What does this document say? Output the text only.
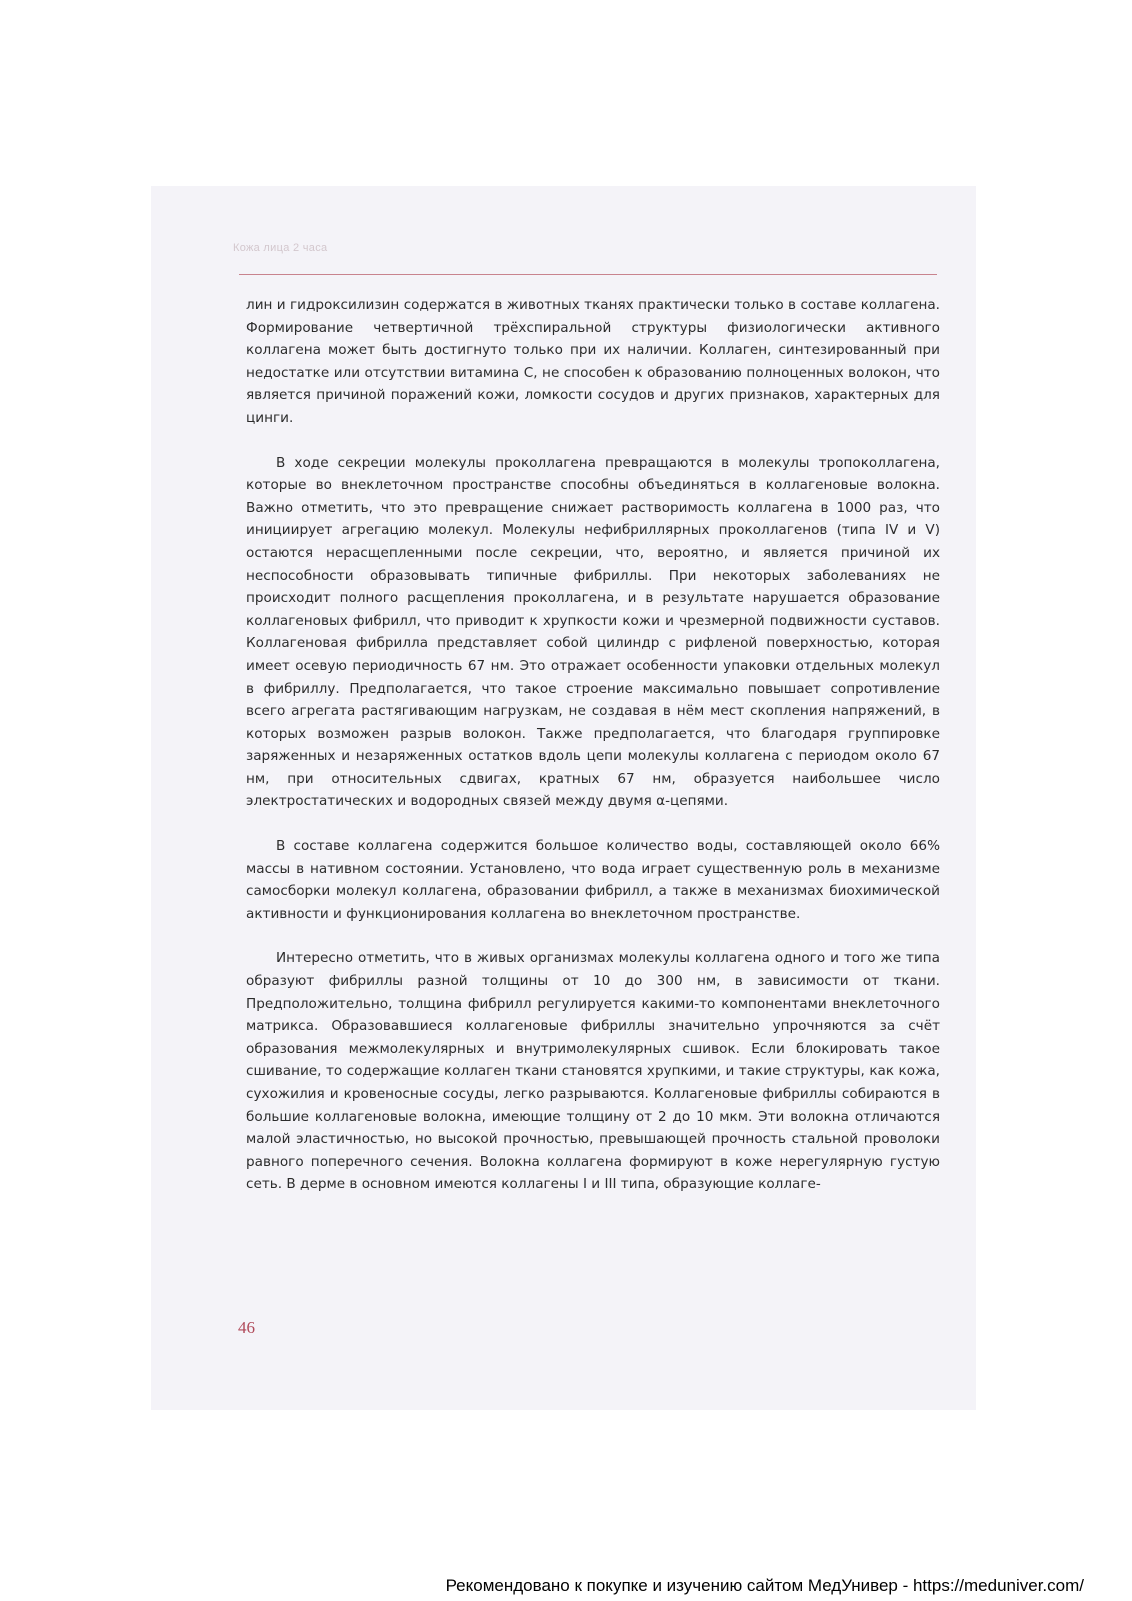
Кожа лица 2 часа

лин и гидроксилизин содержатся в животных тканях практически только в составе коллагена. Формирование четвертичной трёхспиральной структуры физиологически активного коллагена может быть достигнуто только при их наличии. Коллаген, синтезированный при недостатке или отсутствии витамина С, не способен к образованию полноценных волокон, что является причиной поражений кожи, ломкости сосудов и других признаков, характерных для цинги.

В ходе секреции молекулы проколлагена превращаются в молекулы тропоколлагена, которые во внеклеточном пространстве способны объединяться в коллагеновые волокна. Важно отметить, что это превращение снижает растворимость коллагена в 1000 раз, что инициирует агрегацию молекул. Молекулы нефибриллярных проколлагенов (типа IV и V) остаются нерасщепленными после секреции, что, вероятно, и является причиной их неспособности образовывать типичные фибриллы. При некоторых заболеваниях не происходит полного расщепления проколлагена, и в результате нарушается образование коллагеновых фибрилл, что приводит к хрупкости кожи и чрезмерной подвижности суставов. Коллагеновая фибрилла представляет собой цилиндр с рифленой поверхностью, которая имеет осевую периодичность 67 нм. Это отражает особенности упаковки отдельных молекул в фибриллу. Предполагается, что такое строение максимально повышает сопротивление всего агрегата растягивающим нагрузкам, не создавая в нём мест скопления напряжений, в которых возможен разрыв волокон. Также предполагается, что благодаря группировке заряженных и незаряженных остатков вдоль цепи молекулы коллагена с периодом около 67 нм, при относительных сдвигах, кратных 67 нм, образуется наибольшее число электростатических и водородных связей между двумя α-цепями.

В составе коллагена содержится большое количество воды, составляющей около 66% массы в нативном состоянии. Установлено, что вода играет существенную роль в механизме самосборки молекул коллагена, образовании фибрилл, а также в механизмах биохимической активности и функционирования коллагена во внеклеточном пространстве.

Интересно отметить, что в живых организмах молекулы коллагена одного и того же типа образуют фибриллы разной толщины от 10 до 300 нм, в зависимости от ткани. Предположительно, толщина фибрилл регулируется какими-то компонентами внеклеточного матрикса. Образовавшиеся коллагеновые фибриллы значительно упрочняются за счёт образования межмолекулярных и внутримолекулярных сшивок. Если блокировать такое сшивание, то содержащие коллаген ткани становятся хрупкими, и такие структуры, как кожа, сухожилия и кровеносные сосуды, легко разрываются. Коллагеновые фибриллы собираются в большие коллагеновые волокна, имеющие толщину от 2 до 10 мкм. Эти волокна отличаются малой эластичностью, но высокой прочностью, превышающей прочность стальной проволоки равного поперечного сечения. Волокна коллагена формируют в коже нерегулярную густую сеть. В дерме в основном имеются коллагены I и III типа, образующие коллаге-

46
Рекомендовано к покупке и изучению сайтом МедУнивер - https://meduniver.com/
